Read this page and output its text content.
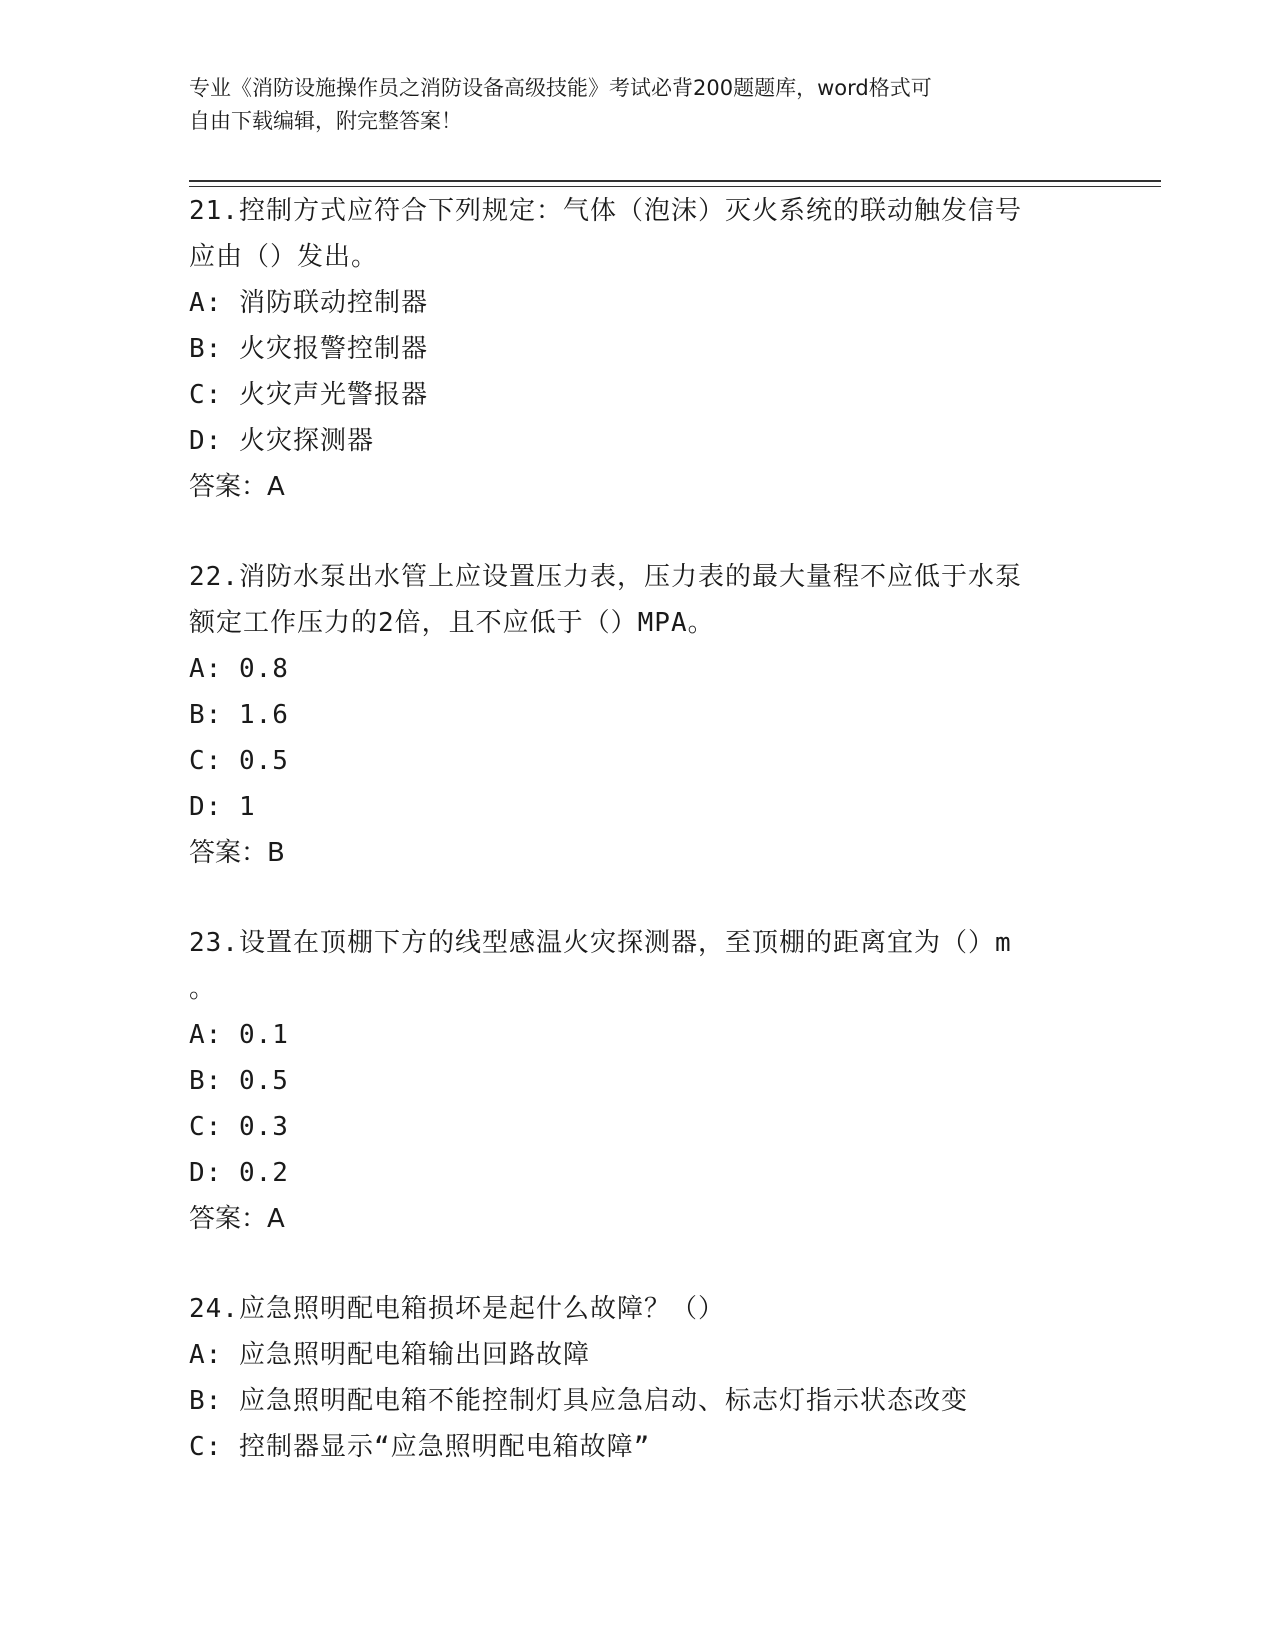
专业《消防设施操作员之消防设备高级技能》考试必背200题题库，word格式可
自由下载编辑，附完整答案！
21.控制方式应符合下列规定：气体（泡沫）灭火系统的联动触发信号
应由（）发出。
A: 消防联动控制器
B: 火灾报警控制器
C: 火灾声光警报器
D: 火灾探测器
答案：A
22.消防水泵出水管上应设置压力表，压力表的最大量程不应低于水泵
额定工作压力的2倍，且不应低于（）MPA。
A: 0.8
B: 1.6
C: 0.5
D: 1
答案：B
23.设置在顶棚下方的线型感温火灾探测器，至顶棚的距离宜为（）m
。
A: 0.1
B: 0.5
C: 0.3
D: 0.2
答案：A
24.应急照明配电箱损坏是起什么故障？（）
A: 应急照明配电箱输出回路故障
B: 应急照明配电箱不能控制灯具应急启动、标志灯指示状态改变
C: 控制器显示“应急照明配电箱故障”
